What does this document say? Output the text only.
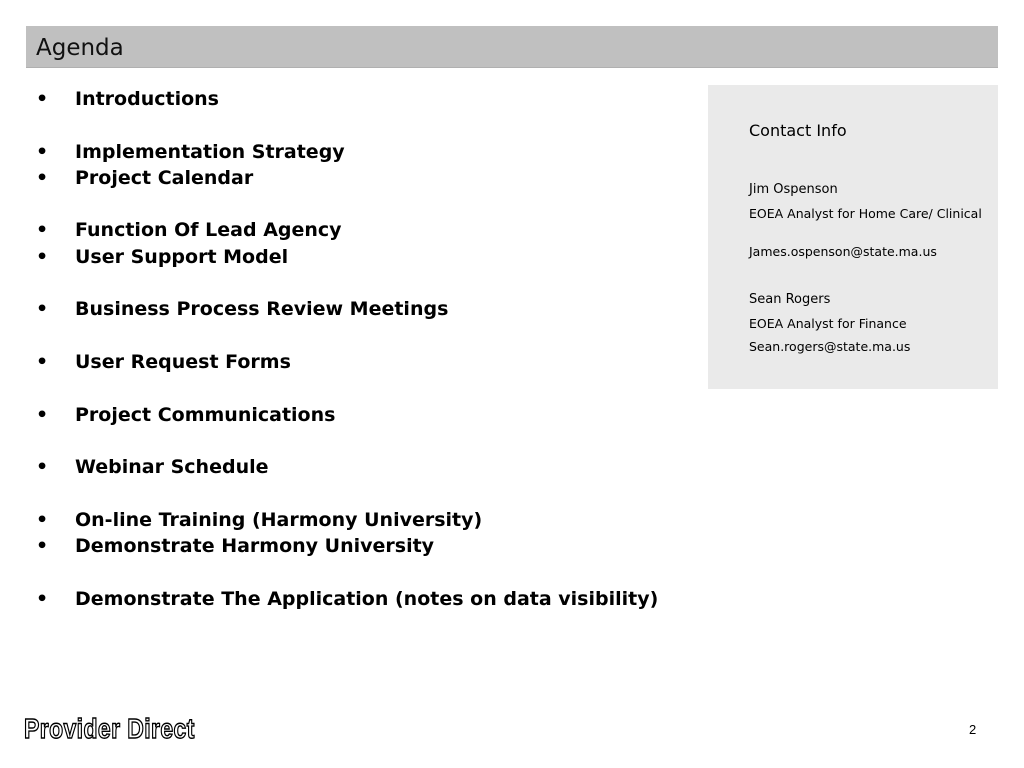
Agenda
• Introductions
• Implementation Strategy
• Project Calendar
• Function Of Lead Agency
• User Support Model
• Business Process Review Meetings
• User Request Forms
• Project Communications
• Webinar Schedule
• On-line Training (Harmony University)
• Demonstrate Harmony University
• Demonstrate The Application (notes on data visibility)
Contact Info
Jim Ospenson
EOEA Analyst for Home Care/ Clinical
James.ospenson@state.ma.us
Sean Rogers
EOEA Analyst for Finance
Sean.rogers@state.ma.us
Provider Direct	2
